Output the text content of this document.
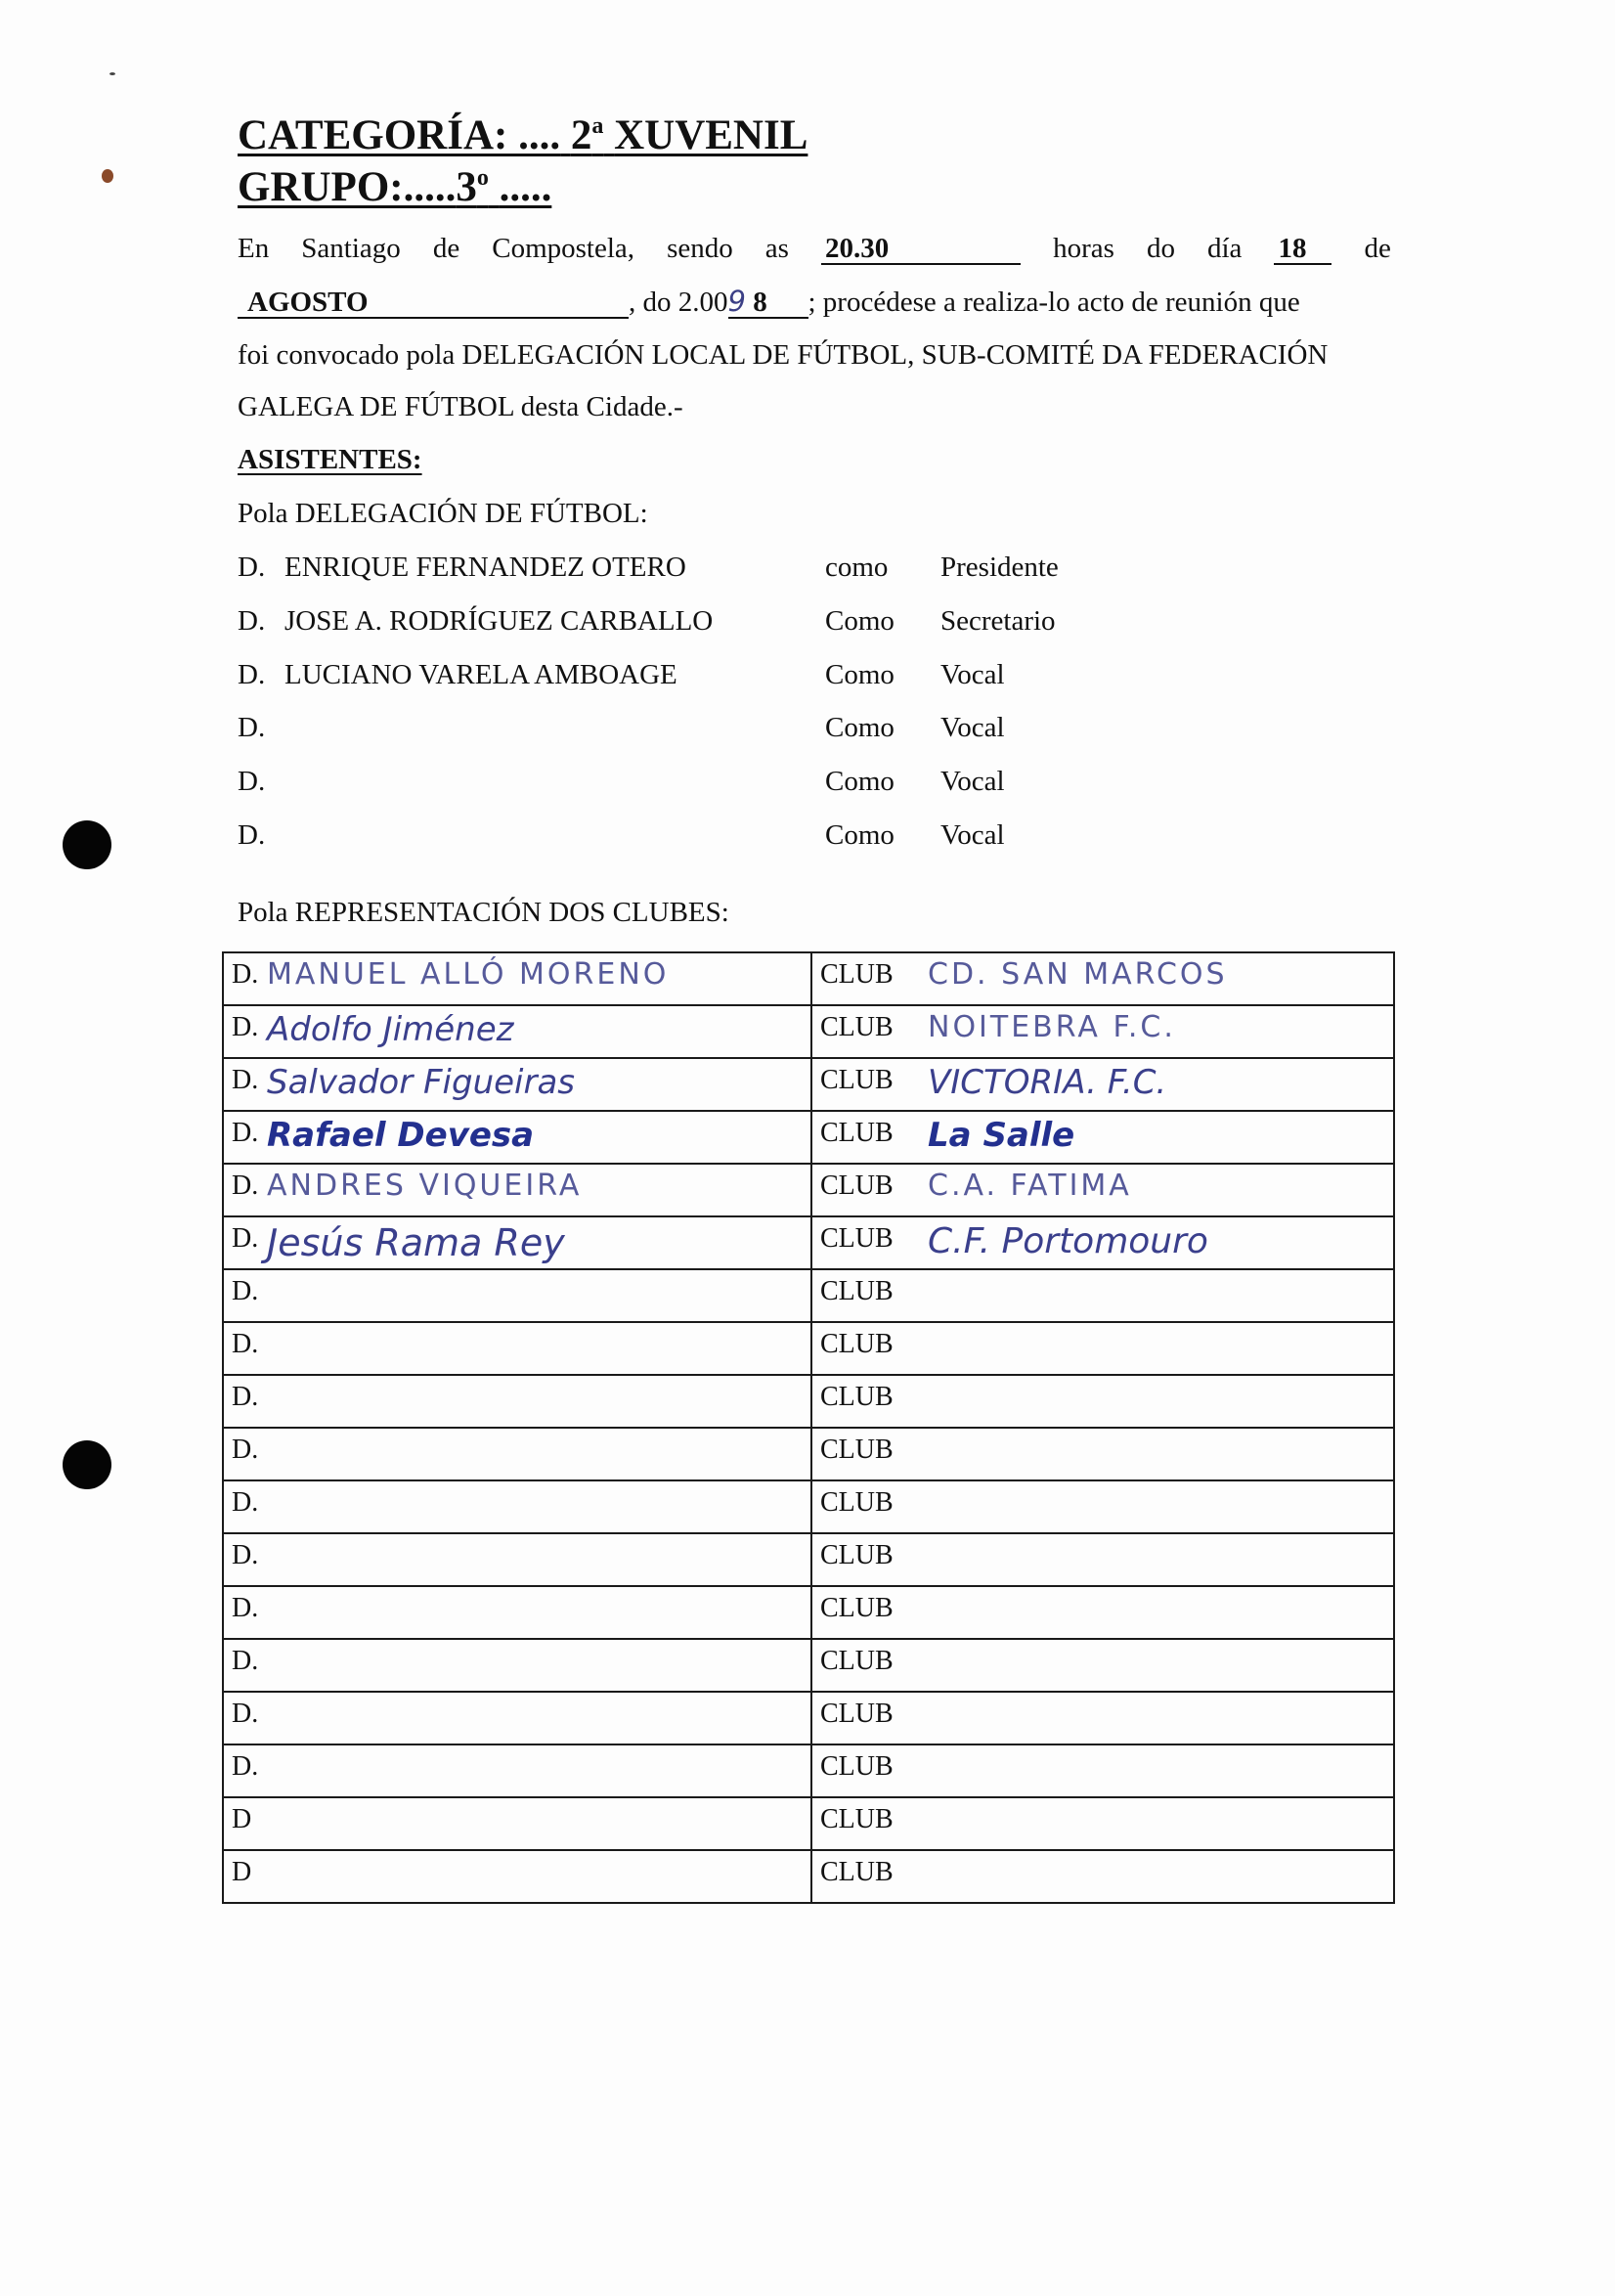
CATEGORÍA: .... 2$^a$ XUVENIL
GRUPO:.....3$^o$ .....
En Santiago de Compostela, sendo as 20.30	horas do día 18	de
AGOSTO	, do 2.009 8 ; procédese a realiza-lo acto de reunión que
foi convocado pola DELEGACIÓN LOCAL DE FÚTBOL, SUB-COMITÉ DA FEDERACIÓN
GALEGA DE FÚTBOL desta Cidade.-
ASISTENTES:
Pola DELEGACIÓN DE FÚTBOL:
D. ENRIQUE FERNANDEZ OTERO	como Presidente
D. JOSE A. RODRÍGUEZ CARBALLO	Como Secretario
D. LUCIANO VARELA AMBOAGE	Como Vocal
D.	Como Vocal
D.	Como Vocal
D.	Como Vocal
Pola REPRESENTACIÓN DOS CLUBES:
D. MANUEL ALLÓ MORENO	CLUB CD. SAN MARCOS

D. Adolfo Jiménez	CLUB NOITEBRA F.C.

D. Salvador Figueiras	CLUB VICTORIA. F.C.

D. Rafael Devesa	CLUB La Salle

D. ANDRES VIQUEIRA	CLUB C.A. FATIMA

D. Jesús Rama Rey	CLUB C.F. Portomouro

D.	CLUB
D.	CLUB
D.	CLUB
D.	CLUB
D.	CLUB
D.	CLUB
D.	CLUB
D.	CLUB
D.	CLUB
D.	CLUB
D	CLUB
D	CLUB
